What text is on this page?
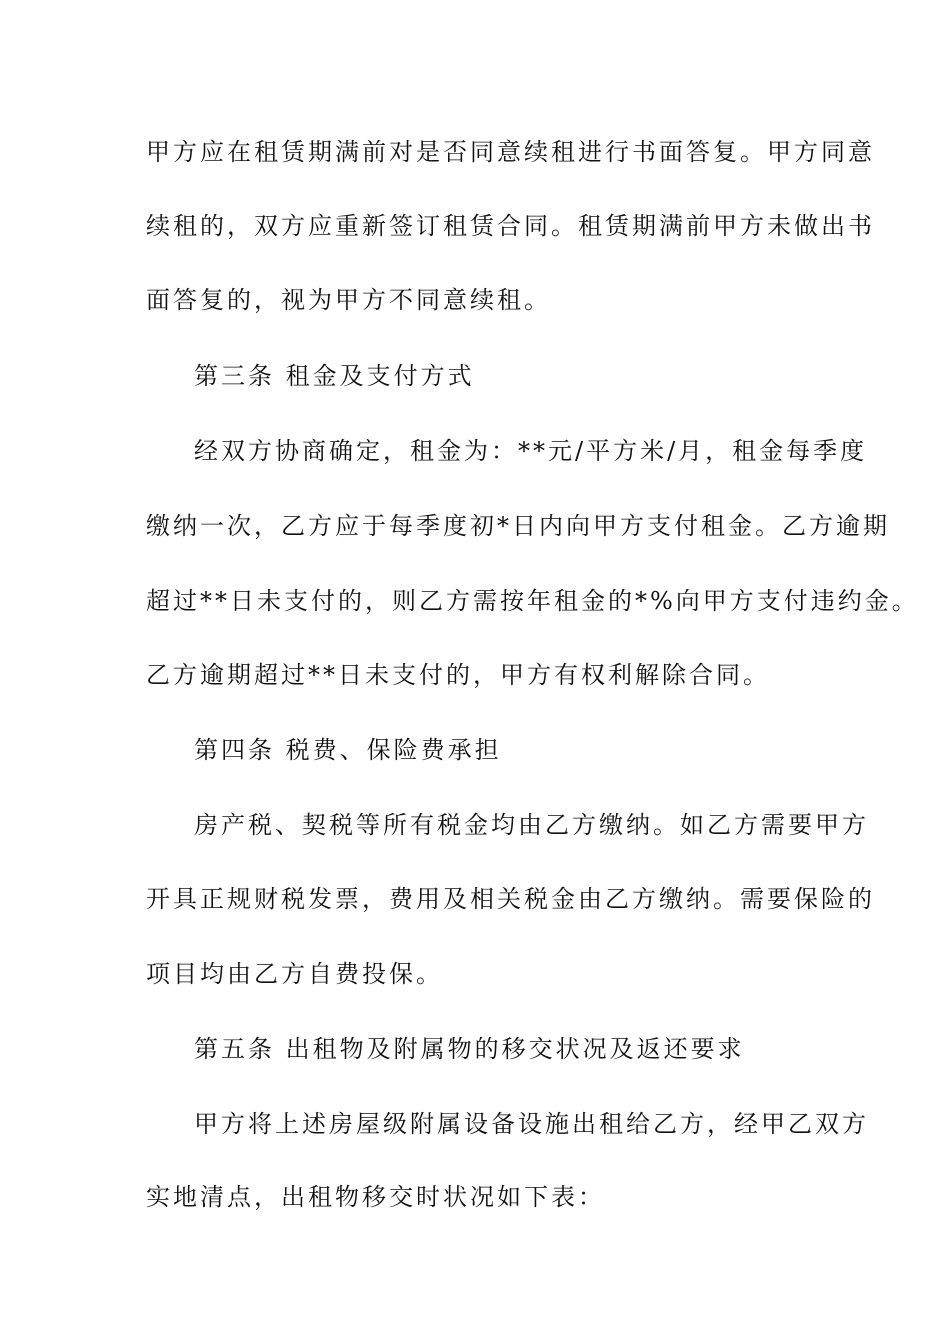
甲方应在租赁期满前对是否同意续租进行书面答复。甲方同意
续租的，双方应重新签订租赁合同。租赁期满前甲方未做出书
面答复的，视为甲方不同意续租。
第三条 租金及支付方式
经双方协商确定，租金为：**元/平方米/月，租金每季度
缴纳一次，乙方应于每季度初*日内向甲方支付租金。乙方逾期
超过**日未支付的，则乙方需按年租金的*%向甲方支付违约金。
乙方逾期超过**日未支付的，甲方有权利解除合同。
第四条 税费、保险费承担
房产税、契税等所有税金均由乙方缴纳。如乙方需要甲方
开具正规财税发票，费用及相关税金由乙方缴纳。需要保险的
项目均由乙方自费投保。
第五条 出租物及附属物的移交状况及返还要求
甲方将上述房屋级附属设备设施出租给乙方，经甲乙双方
实地清点，出租物移交时状况如下表：
